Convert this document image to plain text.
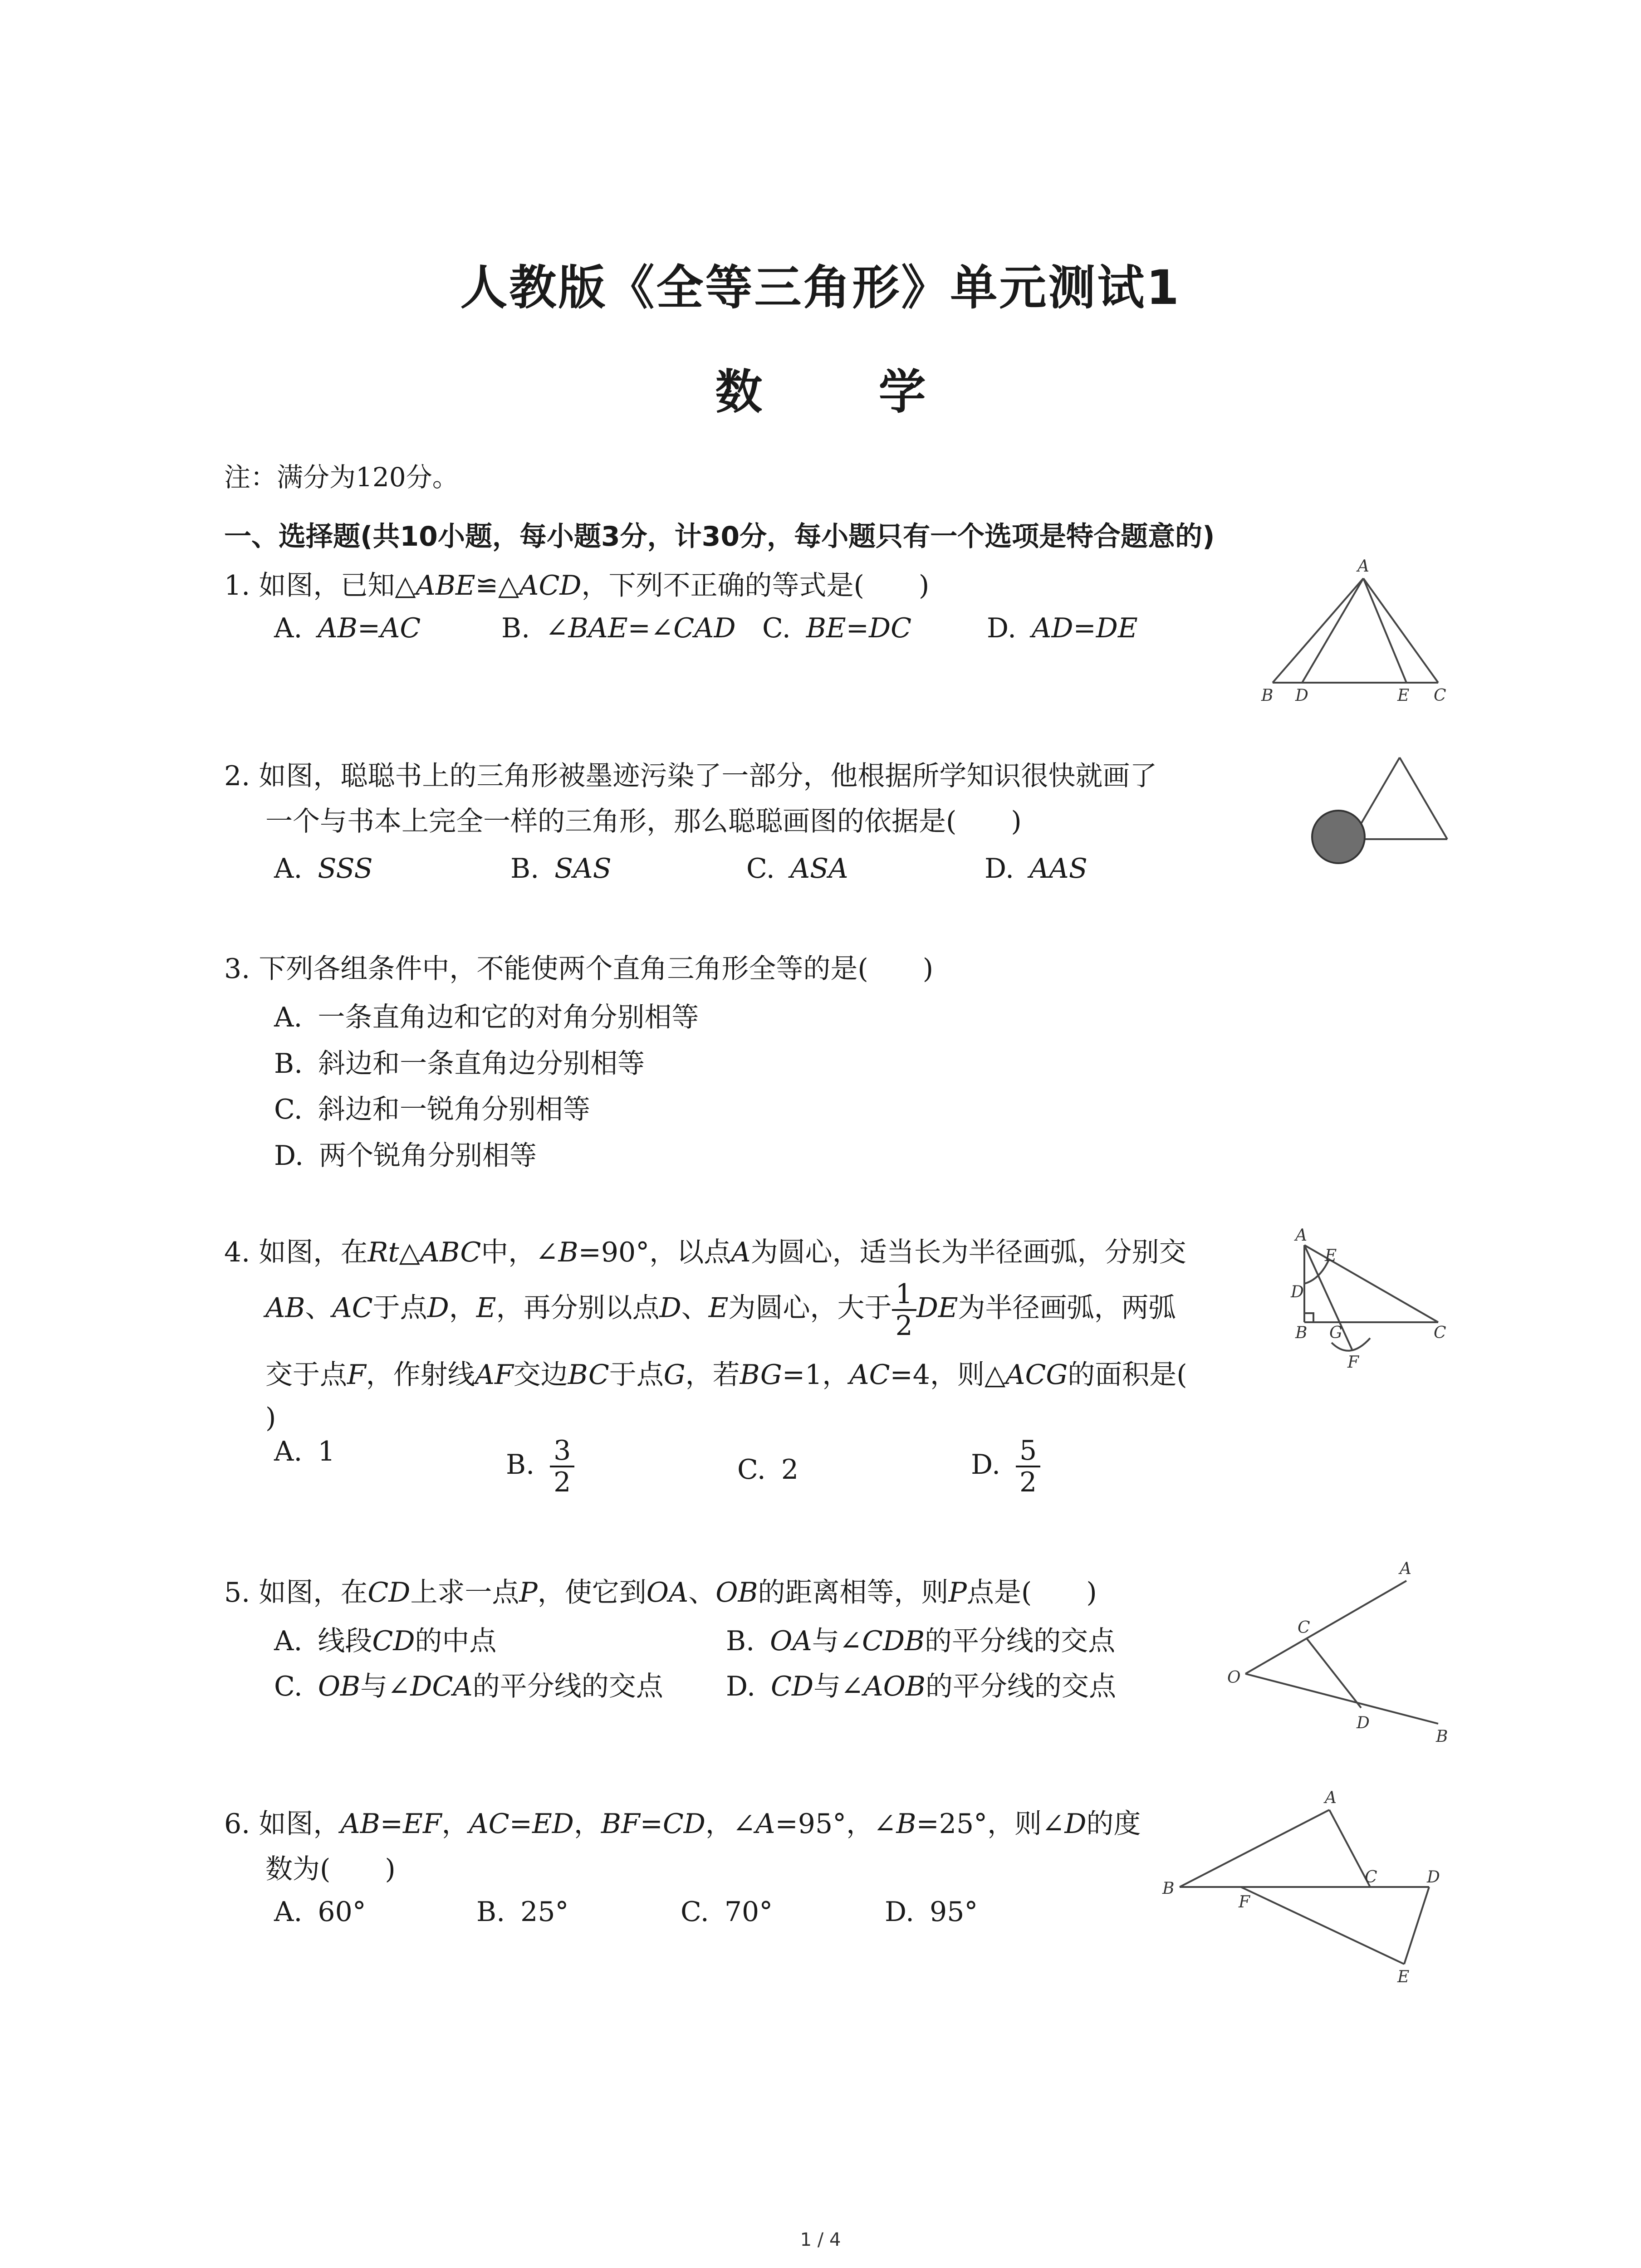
人教版《全等三角形》单元测试1
数 学
注：满分为120分。
一、选择题(共10小题，每小题3分，计30分，每小题只有一个选项是特合题意的)
1. 如图，已知△ABE≌△ACD，下列不正确的等式是(　　)
A. AB=AC	B. ∠BAE=∠CAD C. BE=DC	D. AD=DE
A
B D	E C
2. 如图，聪聪书上的三角形被墨迹污染了一部分，他根据所学知识很快就画了
一个与书本上完全一样的三角形，那么聪聪画图的依据是(　　)
A. SSS	B. SAS	C. ASA	D. AAS
3. 下列各组条件中，不能使两个直角三角形全等的是(　　)
A. 一条直角边和它的对角分别相等
B. 斜边和一条直角边分别相等
C. 斜边和一锐角分别相等
D. 两个锐角分别相等
4. 如图，在Rt△ABC中，∠B=90°，以点A为圆心，适当长为半径画弧，分别交
AB、AC于点D，E，再分别以点D、E为圆心，大于 $\frac{1}{2}$ DE为半径画弧，两弧
交于点F，作射线AF交边BC于点G，若BG=1，AC=4，则△ACG的面积是(
)
A. 1	B. $\frac{3}{2}$	C. 2	D. $\frac{5}{2}$
A
E
D
B G	C
F
5. 如图，在CD上求一点P，使它到OA、OB的距离相等，则P点是(　　)
A. 线段CD的中点	B. OA与∠CDB的平分线的交点
C. OB与∠DCA的平分线的交点 D. CD与∠AOB的平分线的交点
A
C
O
D
B
6. 如图，AB=EF，AC=ED，BF=CD，∠A=95°，∠B=25°，则∠D的度
数为(　　)
A. 60°	B. 25°	C. 70°	D. 95°
A
B
F
C	D
E
1 / 4
